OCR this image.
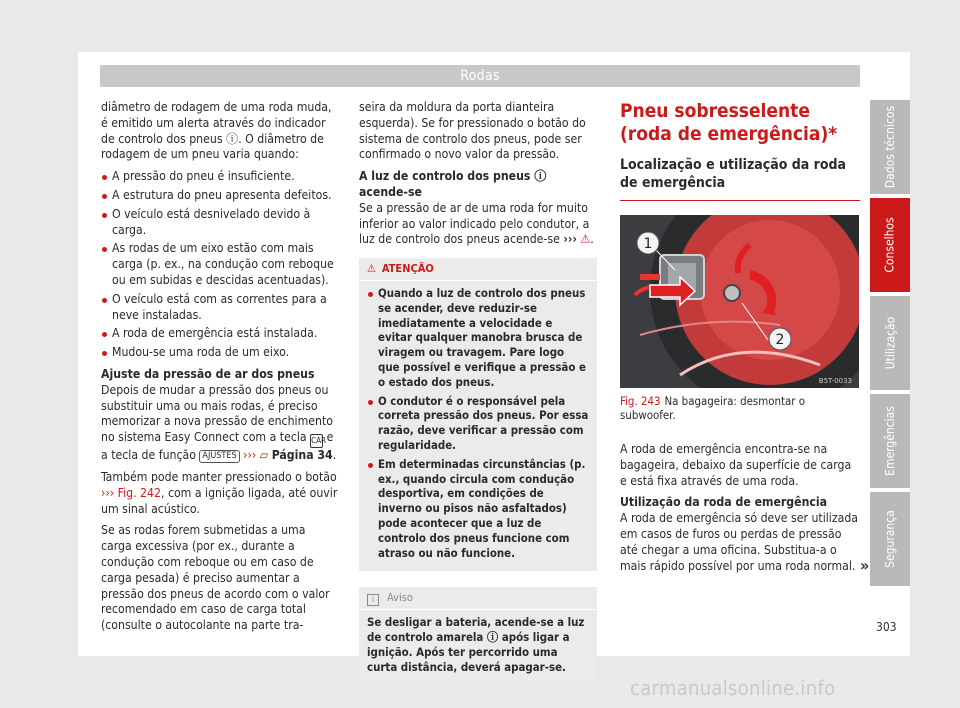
Rodas

diâmetro de rodagem de uma roda muda, é emitido um alerta através do indicador de controlo dos pneus ⓘ. O diâmetro de rodagem de um pneu varia quando:

A pressão do pneu é insuficiente.
A estrutura do pneu apresenta defeitos.
O veículo está desnivelado devido à carga.
As rodas de um eixo estão com mais carga (p. ex., na condução com reboque ou em subidas e descidas acentuadas).
O veículo está com as correntes para a neve instaladas.
A roda de emergência está instalada.
Mudou-se uma roda de um eixo.
Ajuste da pressão de ar dos pneus

Depois de mudar a pressão dos pneus ou substituir uma ou mais rodas, é preciso memorizar a nova pressão de enchimento no sistema Easy Connect com a tecla CAR e a tecla de função AJUSTES ››› ▱ Página 34.

Também pode manter pressionado o botão ››› Fig. 242, com a ignição ligada, até ouvir um sinal acústico.

Se as rodas forem submetidas a uma carga excessiva (por ex., durante a condução com reboque ou em caso de carga pesada) é preciso aumentar a pressão dos pneus de acordo com o valor recomendado em caso de carga total (consulte o autocolante na parte tra-

seira da moldura da porta dianteira esquerda). Se for pressionado o botão do sistema de controlo dos pneus, pode ser confirmado o novo valor da pressão.

A luz de controlo dos pneus ⓘ acende-se

Se a pressão de ar de uma roda for muito inferior ao valor indicado pelo condutor, a luz de controlo dos pneus acende-se ››› ⚠.

⚠ ATENÇÃO
Quando a luz de controlo dos pneus se acender, deve reduzir-se imediatamente a velocidade e evitar qualquer manobra brusca de viragem ou travagem. Pare logo que possível e verifique a pressão e o estado dos pneus.
O condutor é o responsável pela correta pressão dos pneus. Por essa razão, deve verificar a pressão com regularidade.
Em determinadas circunstâncias (p. ex., quando circula com condução desportiva, em condições de inverno ou pisos não asfaltados) pode acontecer que a luz de controlo dos pneus funcione com atraso ou não funcione.
i Aviso
Se desligar a bateria, acende-se a luz de controlo amarela ⓘ após ligar a ignição. Após ter percorrido uma curta distância, deverá apagar-se.
Pneu sobresselente (roda de emergência)*
Localização e utilização da roda de emergência
1
2
B5T-0033

Fig. 243 Na bagageira: desmontar o subwoofer.

A roda de emergência encontra-se na bagageira, debaixo da superfície de carga e está fixa através de uma roda.

Utilização da roda de emergência

A roda de emergência só deve ser utilizada em casos de furos ou perdas de pressão até chegar a uma oficina. Substitua-a o mais rápido possível por uma roda normal. »
Dados técnicos
Conselhos
Utilização
Emergências
Segurança
303
carmanualsonline.info
